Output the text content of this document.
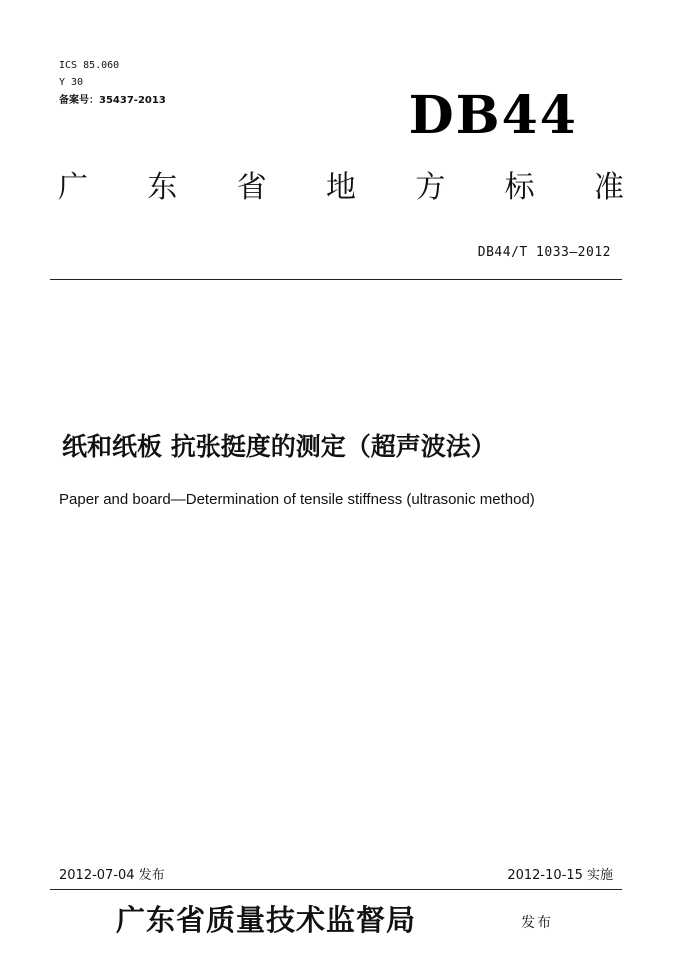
ICS 85.060
Y 30
备案号：35437-2013	DB44
广 东 省 地 方 标 准
DB44/T 1033—2012
纸和纸板 抗张挺度的测定（超声波法）
Paper and board—Determination of tensile stiffness (ultrasonic method)
2012-07-04 发布	2012-10-15 实施
广东省质量技术监督局	发布
